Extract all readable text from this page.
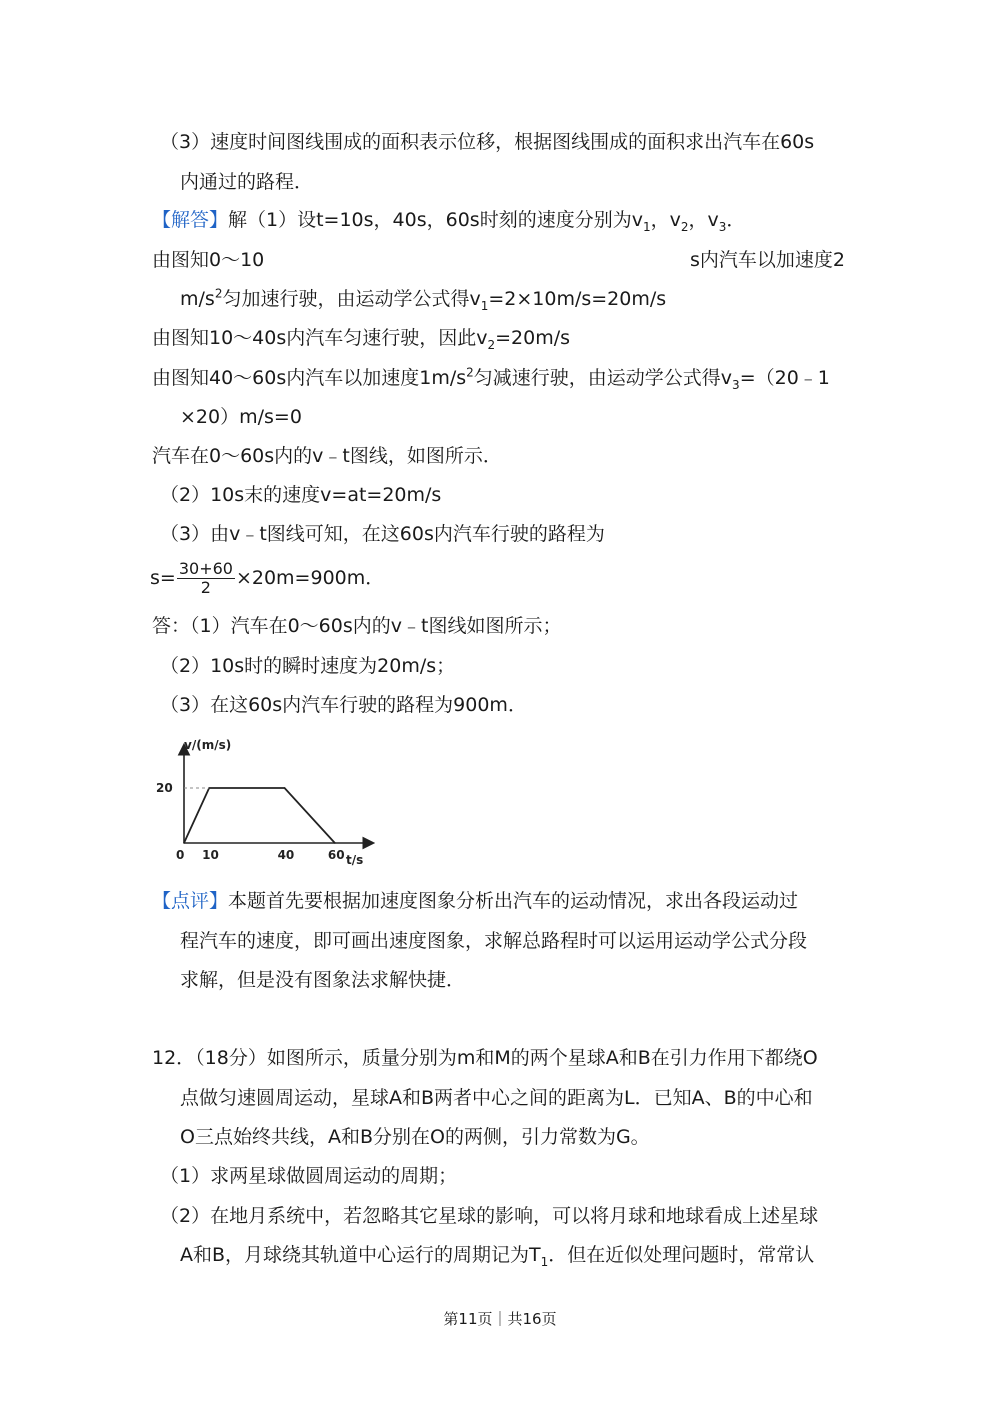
（3）速度时间图线围成的面积表示位移，根据图线围成的面积求出汽车在60s
内通过的路程．
【解答】解（1）设t=10s，40s，60s时刻的速度分别为$v_1$，$v_2$，$v_3$．
由图知0～10	s内汽车以加速度2
$m/s^2$匀加速行驶，由运动学公式得$v_1=2\times 10m/s=20m/s$
由图知10～40s内汽车匀速行驶，因此$v_2=20m/s$
由图知40～60s内汽车以加速度$1m/s^2$匀减速行驶，由运动学公式得$v_3=(20﹣1$
×20）m/s=0
汽车在0～60s内的v﹣t图线，如图所示．
（2）10s末的速度v=at=20m/s
（3）由v﹣t图线可知，在这60s内汽车行驶的路程为
$s= \frac{30+60}{2} \times 20m=900m$．
答：（1）汽车在0～60s内的v﹣t图线如图所示；
（2）10s时的瞬时速度为20m/s；
（3）在这60s内汽车行驶的路程为900m．
v/(m/s)
t/s
0 10	40	60
20
【点评】本题首先要根据加速度图象分析出汽车的运动情况，求出各段运动过
程汽车的速度，即可画出速度图象，求解总路程时可以运用运动学公式分段
求解，但是没有图象法求解快捷．
12．（18分）如图所示，质量分别为m和M的两个星球A和B在引力作用下都绕O
点做匀速圆周运动，星球A和B两者中心之间的距离为L．已知A、B的中心和
O三点始终共线，A和B分别在O的两侧，引力常数为G。
（1）求两星球做圆周运动的周期；
（2）在地月系统中，若忽略其它星球的影响，可以将月球和地球看成上述星球
A和B，月球绕其轨道中心运行的周期记为$T_1$．但在近似处理问题时，常常认
第11页｜共16页
